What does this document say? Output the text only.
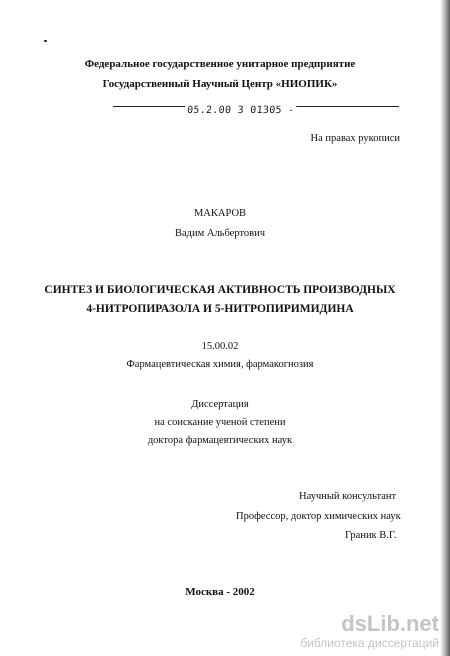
Федеральное государственное унитарное предприятие
Государственный Научный Центр «НИОПИК»
05.2.00 3 01305 -
На правах рукописи
МАКАРОВ
Вадим Альбертович
СИНТЕЗ И БИОЛОГИЧЕСКАЯ АКТИВНОСТЬ ПРОИЗВОДНЫХ
4-НИТРОПИРАЗОЛА И 5-НИТРОПИРИМИДИНА
15.00.02
Фармацевтическая химия, фармакогнозия
Диссертация
на соискание ученой степени
доктора фармацевтических наук
Научный консультант
Профессор, доктор химических наук
Граник В.Г.
Москва - 2002
dsLib.net
библиотека диссертаций
